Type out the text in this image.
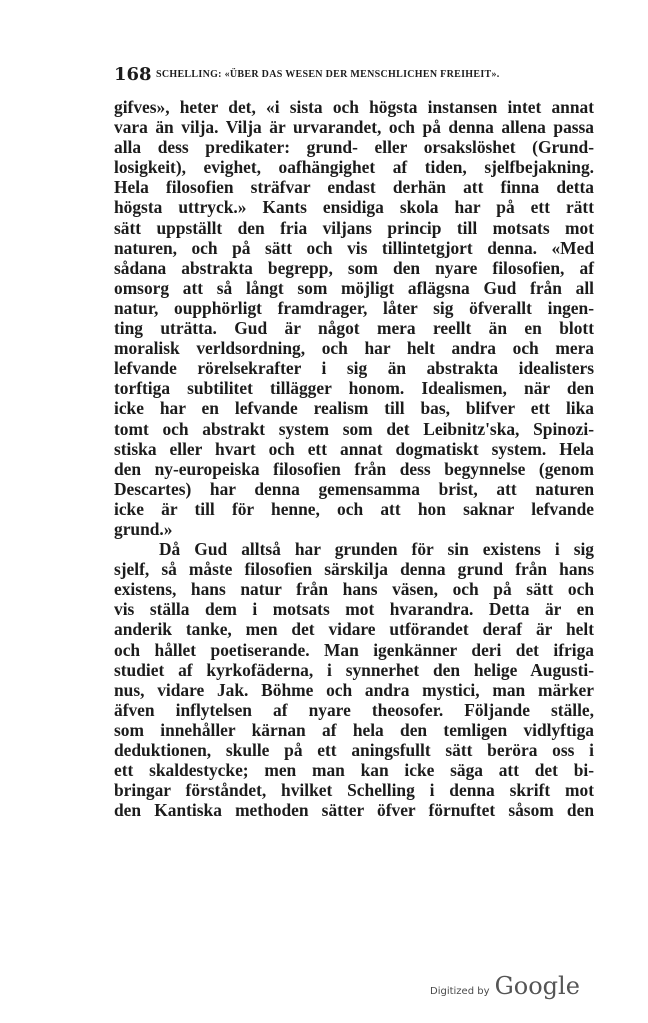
168 SCHELLING: «ÜBER DAS WESEN DER MENSCHLICHEN FREIHEIT».
gifves», heter det, «i sista och högsta instansen intet annat
vara än vilja. Vilja är urvarandet, och på denna allena passa
alla dess predikater: grund- eller orsakslöshet (Grund-
losigkeit), evighet, oafhängighet af tiden, sjelfbejakning.
Hela filosofien sträfvar endast derhän att finna detta
högsta uttryck.» Kants ensidiga skola har på ett rätt
sätt uppställt den fria viljans princip till motsats mot
naturen, och på sätt och vis tillintetgjort denna. «Med
sådana abstrakta begrepp, som den nyare filosofien, af
omsorg att så långt som möjligt aflägsna Gud från all
natur, oupphörligt framdrager, låter sig öfverallt ingen-
ting uträtta. Gud är något mera reellt än en blott
moralisk verldsordning, och har helt andra och mera
lefvande rörelsekrafter i sig än abstrakta idealisters
torftiga subtilitet tillägger honom. Idealismen, när den
icke har en lefvande realism till bas, blifver ett lika
tomt och abstrakt system som det Leibnitz'ska, Spinozi-
stiska eller hvart och ett annat dogmatiskt system. Hela
den ny-europeiska filosofien från dess begynnelse (genom
Descartes) har denna gemensamma brist, att naturen
icke är till för henne, och att hon saknar lefvande
grund.»
Då Gud alltså har grunden för sin existens i sig
sjelf, så måste filosofien särskilja denna grund från hans
existens, hans natur från hans väsen, och på sätt och
vis ställa dem i motsats mot hvarandra. Detta är en
anderik tanke, men det vidare utförandet deraf är helt
och hållet poetiserande. Man igenkänner deri det ifriga
studiet af kyrkofäderna, i synnerhet den helige Augusti-
nus, vidare Jak. Böhme och andra mystici, man märker
äfven inflytelsen af nyare theosofer. Följande ställe,
som innehåller kärnan af hela den temligen vidlyftiga
deduktionen, skulle på ett aningsfullt sätt beröra oss i
ett skaldestycke; men man kan icke säga att det bi-
bringar förståndet, hvilket Schelling i denna skrift mot
den Kantiska methoden sätter öfver förnuftet såsom den
Digitized by Google
